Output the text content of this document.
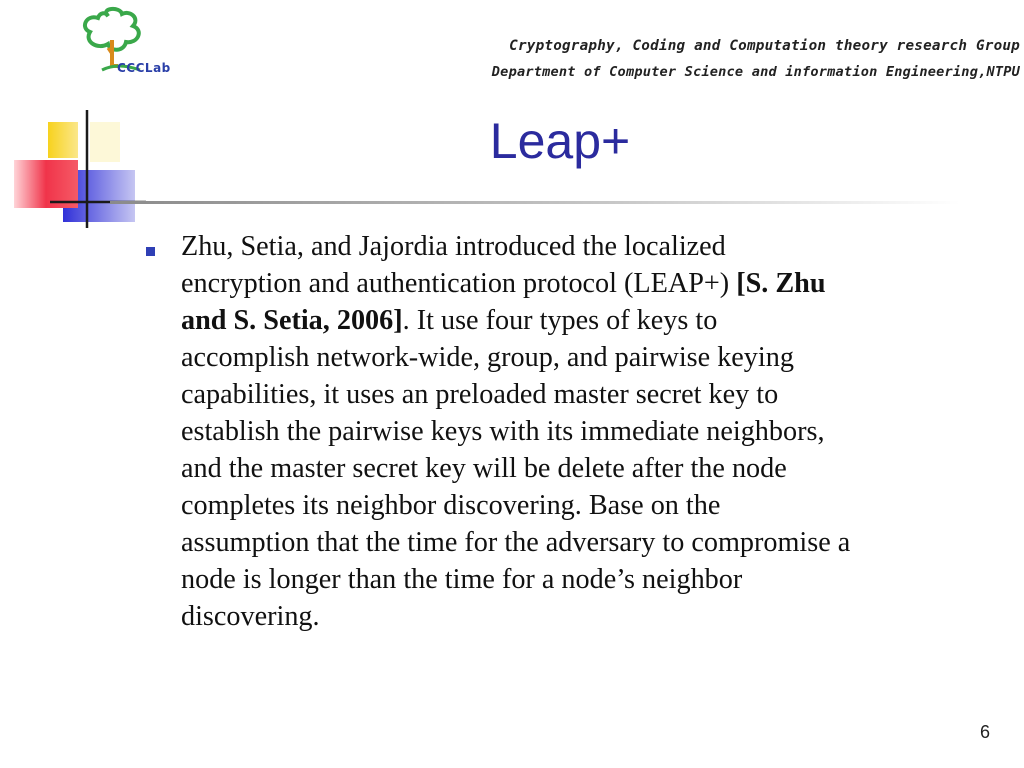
CCCLab
Cryptography, Coding and Computation theory research Group
Department of Computer Science and information Engineering,NTPU
Leap+
Zhu, Setia, and Jajordia introduced the localized
encryption and authentication protocol (LEAP+) [S. Zhu
and S. Setia, 2006]. It use four types of keys to
accomplish network-wide, group, and pairwise keying
capabilities, it uses an preloaded master secret key to
establish the pairwise keys with its immediate neighbors,
and the master secret key will be delete after the node
completes its neighbor discovering. Base on the
assumption that the time for the adversary to compromise a
node is longer than the time for a node’s neighbor
discovering.
6
